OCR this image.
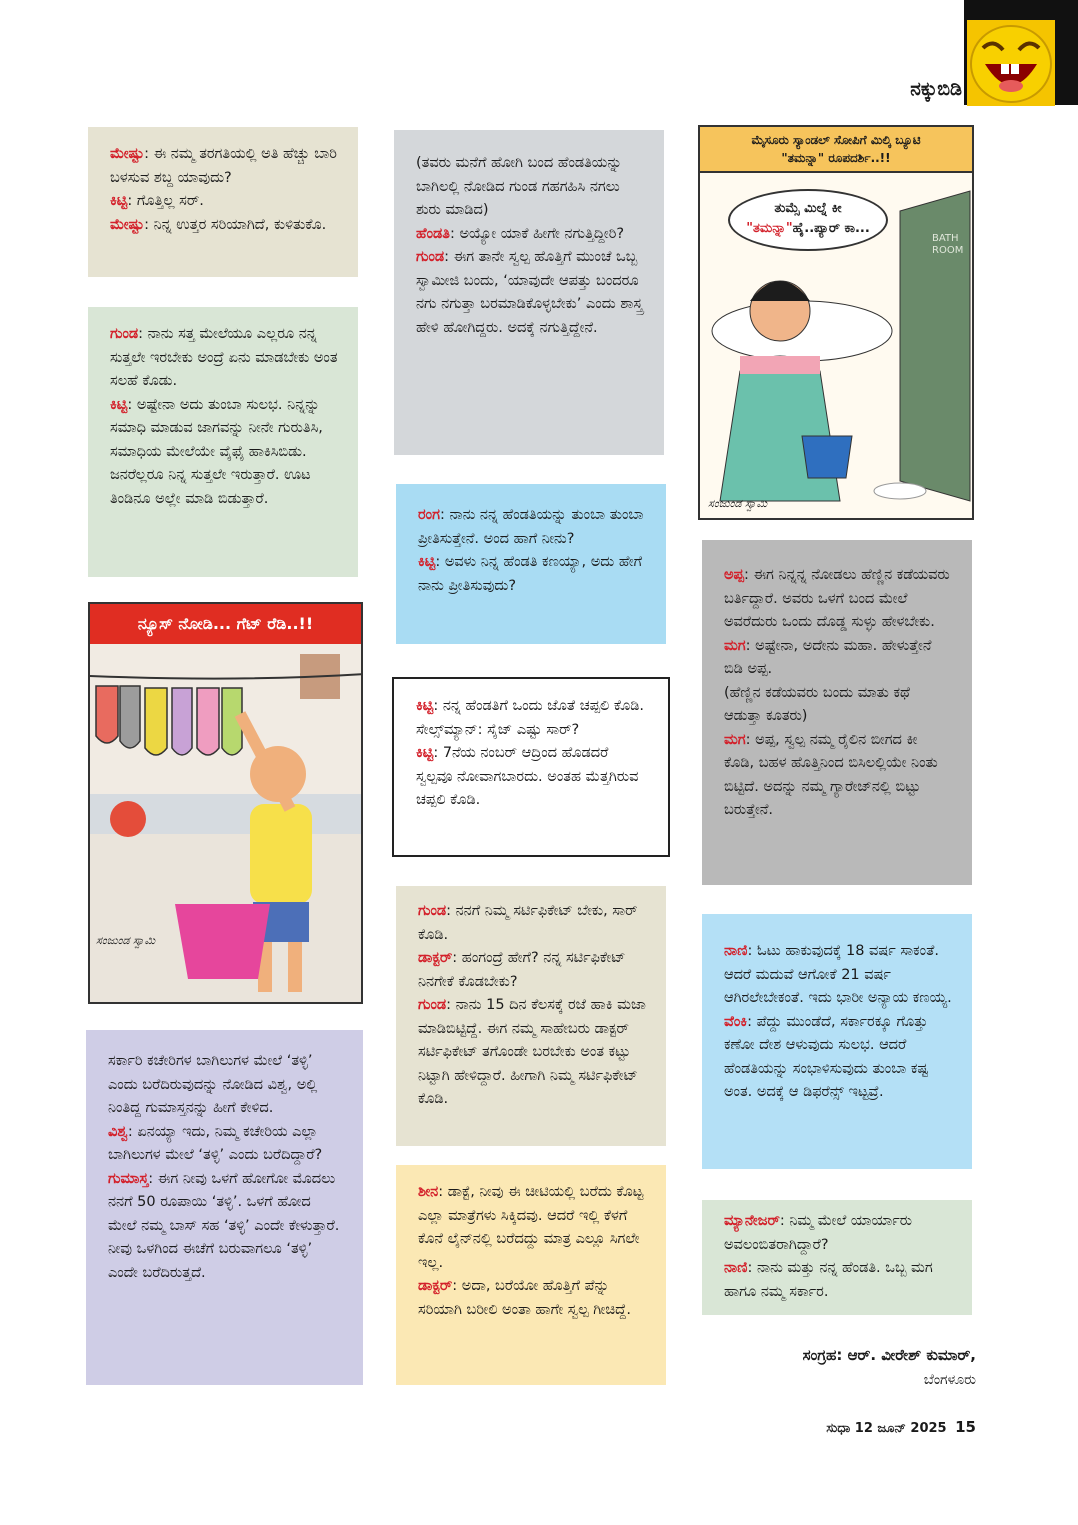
ನಕ್ಕುಬಿಡಿ

ಮೇಷ್ಟು: ಈ ನಮ್ಮ ತರಗತಿಯಲ್ಲಿ ಅತಿ ಹೆಚ್ಚು ಬಾರಿ ಬಳಸುವ ಶಬ್ದ ಯಾವುದು?

ಕಿಟ್ಟಿ: ಗೊತ್ತಿಲ್ಲ ಸರ್.

ಮೇಷ್ಟು: ನಿನ್ನ ಉತ್ತರ ಸರಿಯಾಗಿದೆ, ಕುಳಿತುಕೊ.

ಗುಂಡ: ನಾನು ಸತ್ತ ಮೇಲೆಯೂ ಎಲ್ಲರೂ ನನ್ನ ಸುತ್ತಲೇ ಇರಬೇಕು ಅಂದ್ರೆ ಏನು ಮಾಡಬೇಕು ಅಂತ ಸಲಹೆ ಕೊಡು.

ಕಿಟ್ಟಿ: ಅಷ್ಟೇನಾ ಅದು ತುಂಬಾ ಸುಲಭ. ನಿನ್ನನ್ನು ಸಮಾಧಿ ಮಾಡುವ ಜಾಗವನ್ನು ನೀನೇ ಗುರುತಿಸಿ, ಸಮಾಧಿಯ ಮೇಲೆಯೇ ವೈಫೈ ಹಾಕಿಸಿಬಿಡು. ಜನರೆಲ್ಲರೂ ನಿನ್ನ ಸುತ್ತಲೇ ಇರುತ್ತಾರೆ. ಊಟ ತಿಂಡಿನೂ ಅಲ್ಲೇ ಮಾಡಿ ಬಿಡುತ್ತಾರೆ.

ನ್ಯೂಸ್ ನೋಡಿ... ಗೆಟ್ ರೆಡಿ..!!
ಸಂಜುಂಡ ಸ್ವಾಮಿ

ಸರ್ಕಾರಿ ಕಚೇರಿಗಳ ಬಾಗಿಲುಗಳ ಮೇಲೆ ‘ತಳ್ಳಿ’ ಎಂದು ಬರೆದಿರುವುದನ್ನು ನೋಡಿದ ವಿಶ್ವ, ಅಲ್ಲಿ ನಿಂತಿದ್ದ ಗುಮಾಸ್ತನನ್ನು ಹೀಗೆ ಕೇಳಿದ.

ವಿಶ್ವ: ಏನಯ್ಯಾ ಇದು, ನಿಮ್ಮ ಕಚೇರಿಯ ಎಲ್ಲಾ ಬಾಗಿಲುಗಳ ಮೇಲೆ ‘ತಳ್ಳಿ’ ಎಂದು ಬರೆದಿದ್ದಾರೆ?

ಗುಮಾಸ್ತ: ಈಗ ನೀವು ಒಳಗೆ ಹೋಗೋ ಮೊದಲು ನನಗೆ 50 ರೂಪಾಯಿ ‘ತಳ್ಳಿ’. ಒಳಗೆ ಹೋದ ಮೇಲೆ ನಮ್ಮ ಬಾಸ್ ಸಹ ‘ತಳ್ಳಿ’ ಎಂದೇ ಕೇಳುತ್ತಾರೆ. ನೀವು ಒಳಗಿಂದ ಈಚೆಗೆ ಬರುವಾಗಲೂ ‘ತಳ್ಳಿ’ ಎಂದೇ ಬರೆದಿರುತ್ತದೆ.

(ತವರು ಮನೆಗೆ ಹೋಗಿ ಬಂದ ಹೆಂಡತಿಯನ್ನು ಬಾಗಿಲಲ್ಲಿ ನೋಡಿದ ಗುಂಡ ಗಹಗಹಿಸಿ ನಗಲು ಶುರು ಮಾಡಿದ)

ಹೆಂಡತಿ: ಅಯ್ಯೋ ಯಾಕೆ ಹೀಗೇ ನಗುತ್ತಿದ್ದೀರಿ?

ಗುಂಡ: ಈಗ ತಾನೇ ಸ್ವಲ್ಪ ಹೊತ್ತಿಗೆ ಮುಂಚೆ ಒಬ್ಬ ಸ್ವಾಮೀಜಿ ಬಂದು, ‘ಯಾವುದೇ ಆಪತ್ತು ಬಂದರೂ ನಗು ನಗುತ್ತಾ ಬರಮಾಡಿಕೊಳ್ಳಬೇಕು’ ಎಂದು ಶಾಸ್ತ್ರ ಹೇಳಿ ಹೋಗಿದ್ದರು. ಅದಕ್ಕೆ ನಗುತ್ತಿದ್ದೇನೆ.

ರಂಗ: ನಾನು ನನ್ನ ಹೆಂಡತಿಯನ್ನು ತುಂಬಾ ತುಂಬಾ ಪ್ರೀತಿಸುತ್ತೇನೆ. ಅಂದ ಹಾಗೆ ನೀನು?

ಕಿಟ್ಟಿ: ಅವಳು ನಿನ್ನ ಹೆಂಡತಿ ಕಣಯ್ಯಾ, ಅದು ಹೇಗೆ ನಾನು ಪ್ರೀತಿಸುವುದು?

ಕಿಟ್ಟಿ: ನನ್ನ ಹೆಂಡತಿಗೆ ಒಂದು ಜೊತೆ ಚಪ್ಪಲಿ ಕೊಡಿ.

ಸೇಲ್ಸ್‌ಮ್ಯಾನ್: ಸೈಜ್ ಎಷ್ಟು ಸಾರ್?

ಕಿಟ್ಟಿ: 7ನೆಯ ನಂಬರ್ ಆದ್ರಿಂದ ಹೊಡದರೆ ಸ್ವಲ್ಪವೂ ನೋವಾಗಬಾರದು. ಅಂತಹ ಮೆತ್ತಗಿರುವ ಚಪ್ಪಲಿ ಕೊಡಿ.

ಗುಂಡ: ನನಗೆ ನಿಮ್ಮ ಸರ್ಟಿಫಿಕೇಟ್ ಬೇಕು, ಸಾರ್ ಕೊಡಿ.

ಡಾಕ್ಟರ್: ಹಂಗಂದ್ರೆ ಹೇಗೆ? ನನ್ನ ಸರ್ಟಿಫಿಕೇಟ್ ನಿನಗೇಕೆ ಕೊಡಬೇಕು?

ಗುಂಡ: ನಾನು 15 ದಿನ ಕೆಲಸಕ್ಕೆ ರಜೆ ಹಾಕಿ ಮಜಾ ಮಾಡಿಬಿಟ್ಟಿದ್ದೆ. ಈಗ ನಮ್ಮ ಸಾಹೇಬರು ಡಾಕ್ಟರ್ ಸರ್ಟಿಫಿಕೇಟ್ ತಗೊಂಡೇ ಬರಬೇಕು ಅಂತ ಕಟ್ಟು ನಿಟ್ಟಾಗಿ ಹೇಳಿದ್ದಾರೆ. ಹೀಗಾಗಿ ನಿಮ್ಮ ಸರ್ಟಿಫಿಕೇಟ್ ಕೊಡಿ.

ಶೀನ: ಡಾಕ್ಟೆ, ನೀವು ಈ ಚೀಟಿಯಲ್ಲಿ ಬರೆದು ಕೊಟ್ಟ ಎಲ್ಲಾ ಮಾತ್ರೆಗಳು ಸಿಕ್ಕಿದವು. ಆದರೆ ಇಲ್ಲಿ ಕೆಳಗೆ ಕೊನೆ ಲೈನ್‌ನಲ್ಲಿ ಬರೆದದ್ದು ಮಾತ್ರ ಎಲ್ಲೂ ಸಿಗಲೇ ಇಲ್ಲ.

ಡಾಕ್ಟರ್: ಅದಾ, ಬರೆಯೋ ಹೊತ್ತಿಗೆ ಪೆನ್ನು ಸರಿಯಾಗಿ ಬರೀಲಿ ಅಂತಾ ಹಾಗೇ ಸ್ವಲ್ಪ ಗೀಚಿದ್ದೆ.

ಮೈಸೂರು ಸ್ಯಾಂಡಲ್ ಸೋಪಿಗೆ ಮಿಲ್ಕಿ ಬ್ಯೂಟಿ "ತಮನ್ನಾ" ರೂಪದರ್ಶಿ..!!
ತುಮ್ಸೆ ಮಿಲ್ನೆ ಕೀ
"ತಮನ್ನಾ"ಹೈ..ಪ್ಯಾರ್ ಕಾ...
BATH ROOM
ಸಂಜುಂಡ ಸ್ವಾಮಿ

ಅಪ್ಪ: ಈಗ ನಿನ್ನನ್ನ ನೋಡಲು ಹೆಣ್ಣಿನ ಕಡೆಯವರು ಬರ್ತಿದ್ದಾರೆ. ಅವರು ಒಳಗೆ ಬಂದ ಮೇಲೆ ಅವರೆದುರು ಒಂದು ದೊಡ್ಡ ಸುಳ್ಳು ಹೇಳಬೇಕು.

ಮಗ: ಅಷ್ಟೇನಾ, ಅದೇನು ಮಹಾ. ಹೇಳುತ್ತೇನೆ ಬಿಡಿ ಅಪ್ಪ.

(ಹೆಣ್ಣಿನ ಕಡೆಯವರು ಬಂದು ಮಾತು ಕಥೆ ಆಡುತ್ತಾ ಕೂತರು)

ಮಗ: ಅಪ್ಪ, ಸ್ವಲ್ಪ ನಮ್ಮ ರೈಲಿನ ಬೀಗದ ಕೀ ಕೊಡಿ, ಬಹಳ ಹೊತ್ತಿನಿಂದ ಬಿಸಿಲಲ್ಲಿಯೇ ನಿಂತು ಬಿಟ್ಟಿದೆ. ಅದನ್ನು ನಮ್ಮ ಗ್ಯಾರೇಜ್‌ನಲ್ಲಿ ಬಿಟ್ಟು ಬರುತ್ತೇನೆ.

ನಾಣಿ: ಓಟು ಹಾಕುವುದಕ್ಕೆ 18 ವರ್ಷ ಸಾಕಂತೆ. ಆದರೆ ಮದುವೆ ಆಗೋಕೆ 21 ವರ್ಷ ಆಗಿರಲೇಬೇಕಂತೆ. ಇದು ಭಾರೀ ಅನ್ಯಾಯ ಕಣಯ್ಯ.

ವೆಂಕಿ: ಪೆದ್ದು ಮುಂಡೆದೆ, ಸರ್ಕಾರಕ್ಕೂ ಗೊತ್ತು ಕಣೋ ದೇಶ ಆಳುವುದು ಸುಲಭ. ಆದರೆ ಹೆಂಡತಿಯನ್ನು ಸಂಭಾಳಿಸುವುದು ತುಂಬಾ ಕಷ್ಟ ಅಂತ. ಅದಕ್ಕೆ ಆ ಡಿಫರೆನ್ಸ್ ಇಟ್ಟವ್ರೆ.

ಮ್ಯಾನೇಜರ್: ನಿಮ್ಮ ಮೇಲೆ ಯಾರ್ಯಾರು ಅವಲಂಬಿತರಾಗಿದ್ದಾರೆ?

ನಾಣಿ: ನಾನು ಮತ್ತು ನನ್ನ ಹೆಂಡತಿ. ಒಬ್ಬ ಮಗ ಹಾಗೂ ನಮ್ಮ ಸರ್ಕಾರ.

ಸಂಗ್ರಹ: ಆರ್. ವೀರೇಶ್ ಕುಮಾರ್,
ಬೆಂಗಳೂರು
ಸುಧಾ 12 ಜೂನ್ 2025 15
